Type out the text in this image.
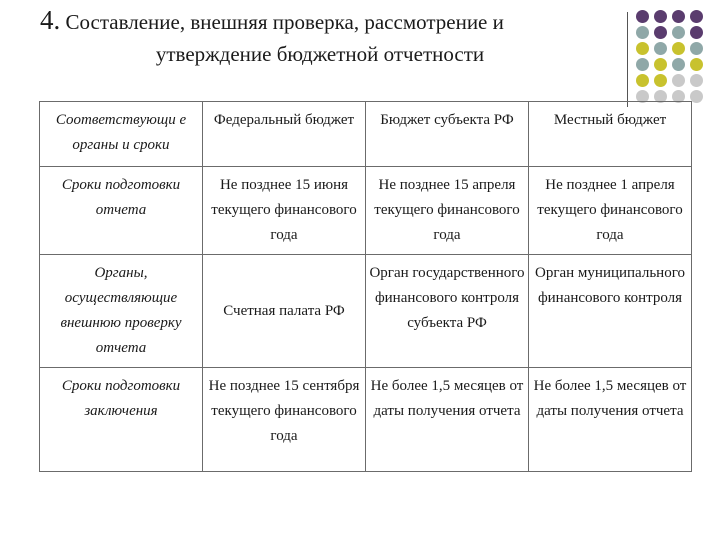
4. Составление, внешняя проверка, рассмотрение и
утверждение бюджетной отчетности
Соответствующи е органы и сроки	Федеральный бюджет	Бюджет субъекта РФ	Местный бюджет
Сроки подготовки отчета	Не позднее 15 июня текущего финансового года	Не позднее 15 апреля текущего финансового года	Не позднее 1 апреля текущего финансового года
Органы, осуществляющие внешнюю проверку отчета	Счетная палата РФ	Орган государственного финансового контроля субъекта РФ	Орган муниципального финансового контроля
Сроки подготовки заключения	Не позднее 15 сентября текущего финансового года	Не более 1,5 месяцев от даты получения отчета	Не более 1,5 месяцев от даты получения отчета
